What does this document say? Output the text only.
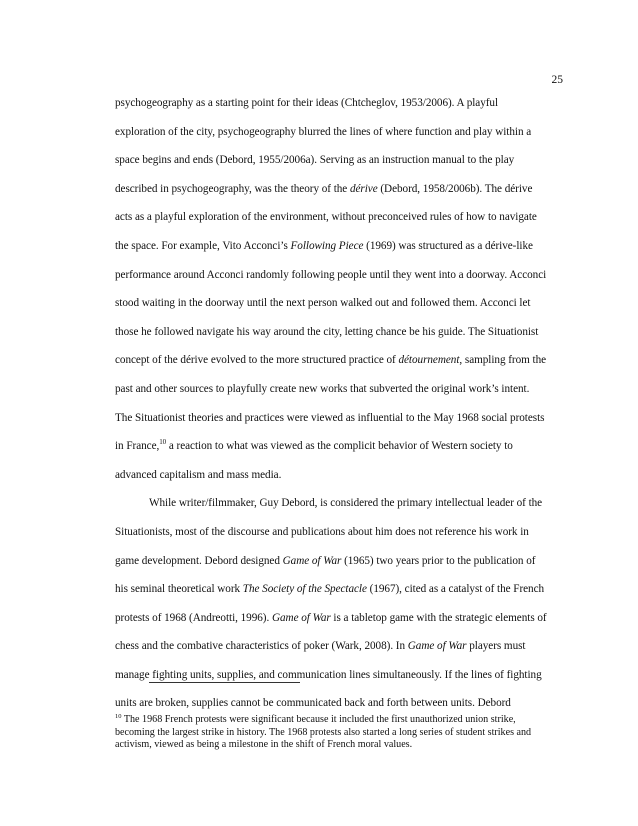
25
psychogeography as a starting point for their ideas (Chtcheglov, 1953/2006). A playful
exploration of the city, psychogeography blurred the lines of where function and play within a
space begins and ends (Debord, 1955/2006a). Serving as an instruction manual to the play
described in psychogeography, was the theory of the dérive (Debord, 1958/2006b). The dérive
acts as a playful exploration of the environment, without preconceived rules of how to navigate
the space. For example, Vito Acconci’s Following Piece (1969) was structured as a dérive-like
performance around Acconci randomly following people until they went into a doorway. Acconci
stood waiting in the doorway until the next person walked out and followed them. Acconci let
those he followed navigate his way around the city, letting chance be his guide. The Situationist
concept of the dérive evolved to the more structured practice of détournement, sampling from the
past and other sources to playfully create new works that subverted the original work’s intent.
The Situationist theories and practices were viewed as influential to the May 1968 social protests
in France,$^{10}$ a reaction to what was viewed as the complicit behavior of Western society to
advanced capitalism and mass media.
While writer/filmmaker, Guy Debord, is considered the primary intellectual leader of the
Situationists, most of the discourse and publications about him does not reference his work in
game development. Debord designed Game of War (1965) two years prior to the publication of
his seminal theoretical work The Society of the Spectacle (1967), cited as a catalyst of the French
protests of 1968 (Andreotti, 1996). Game of War is a tabletop game with the strategic elements of
chess and the combative characteristics of poker (Wark, 2008). In Game of War players must
manage fighting units, supplies, and communication lines simultaneously. If the lines of fighting
units are broken, supplies cannot be communicated back and forth between units. Debord
$^{10}$ The 1968 French protests were significant because it included the first unauthorized union strike,
becoming the largest strike in history. The 1968 protests also started a long series of student strikes and
activism, viewed as being a milestone in the shift of French moral values.
